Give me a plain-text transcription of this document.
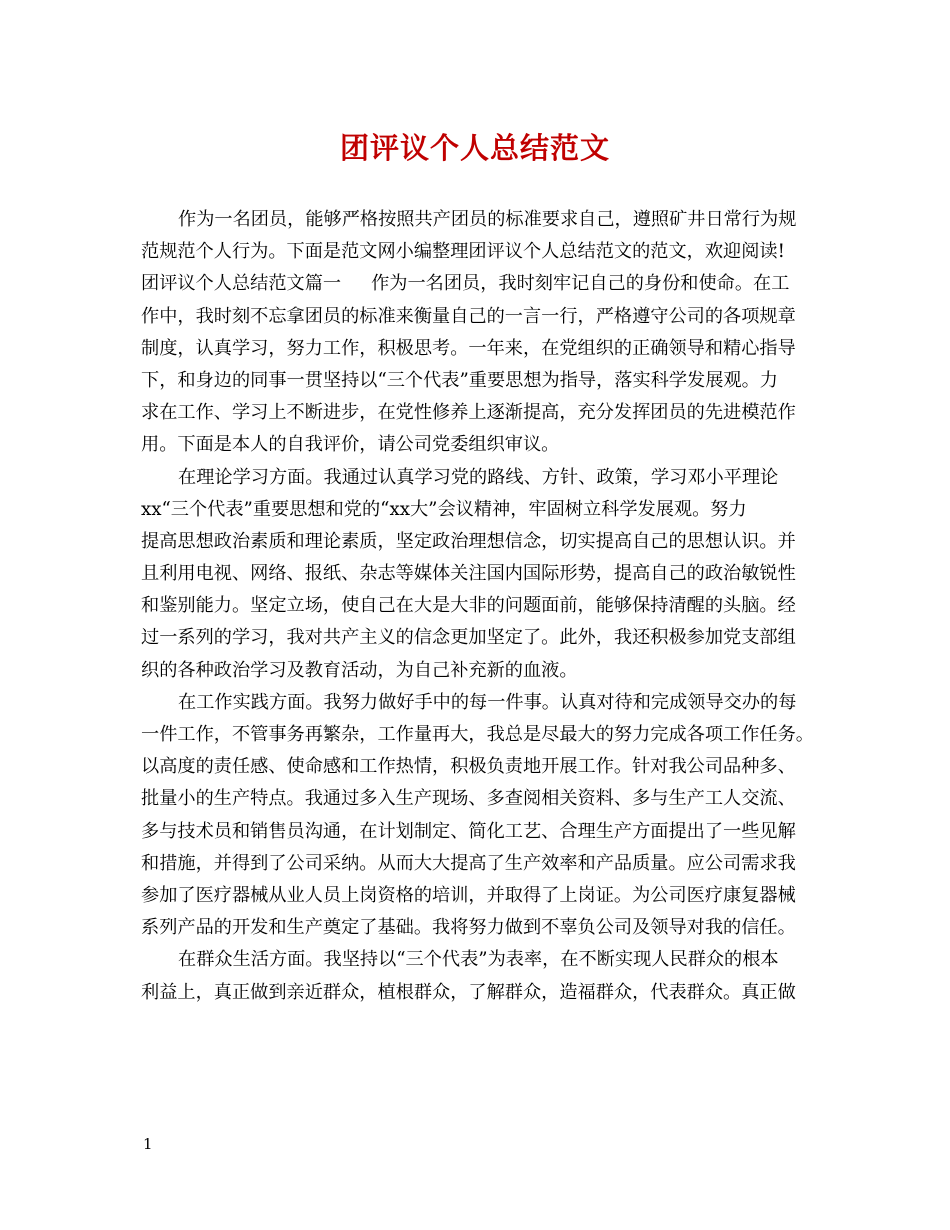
团评议个人总结范文
作为一名团员，能够严格按照共产团员的标准要求自己，遵照矿井日常行为规
范规范个人行为。下面是范文网小编整理团评议个人总结范文的范文，欢迎阅读!
团评议个人总结范文篇一 作为一名团员，我时刻牢记自己的身份和使命。在工
作中，我时刻不忘拿团员的标准来衡量自己的一言一行，严格遵守公司的各项规章
制度，认真学习，努力工作，积极思考。一年来，在党组织的正确领导和精心指导
下，和身边的同事一贯坚持以“三个代表”重要思想为指导，落实科学发展观。力
求在工作、学习上不断进步，在党性修养上逐渐提高，充分发挥团员的先进模范作
用。下面是本人的自我评价，请公司党委组织审议。
在理论学习方面。我通过认真学习党的路线、方针、政策，学习邓小平理论
xx“三个代表”重要思想和党的“xx大”会议精神，牢固树立科学发展观。努力
提高思想政治素质和理论素质，坚定政治理想信念，切实提高自己的思想认识。并
且利用电视、网络、报纸、杂志等媒体关注国内国际形势，提高自己的政治敏锐性
和鉴别能力。坚定立场，使自己在大是大非的问题面前，能够保持清醒的头脑。经
过一系列的学习，我对共产主义的信念更加坚定了。此外，我还积极参加党支部组
织的各种政治学习及教育活动，为自己补充新的血液。
在工作实践方面。我努力做好手中的每一件事。认真对待和完成领导交办的每
一件工作，不管事务再繁杂，工作量再大，我总是尽最大的努力完成各项工作任务。
以高度的责任感、使命感和工作热情，积极负责地开展工作。针对我公司品种多、
批量小的生产特点。我通过多入生产现场、多查阅相关资料、多与生产工人交流、
多与技术员和销售员沟通，在计划制定、简化工艺、合理生产方面提出了一些见解
和措施，并得到了公司采纳。从而大大提高了生产效率和产品质量。应公司需求我
参加了医疗器械从业人员上岗资格的培训，并取得了上岗证。为公司医疗康复器械
系列产品的开发和生产奠定了基础。我将努力做到不辜负公司及领导对我的信任。
在群众生活方面。我坚持以“三个代表”为表率，在不断实现人民群众的根本
利益上，真正做到亲近群众，植根群众，了解群众，造福群众，代表群众。真正做
1
